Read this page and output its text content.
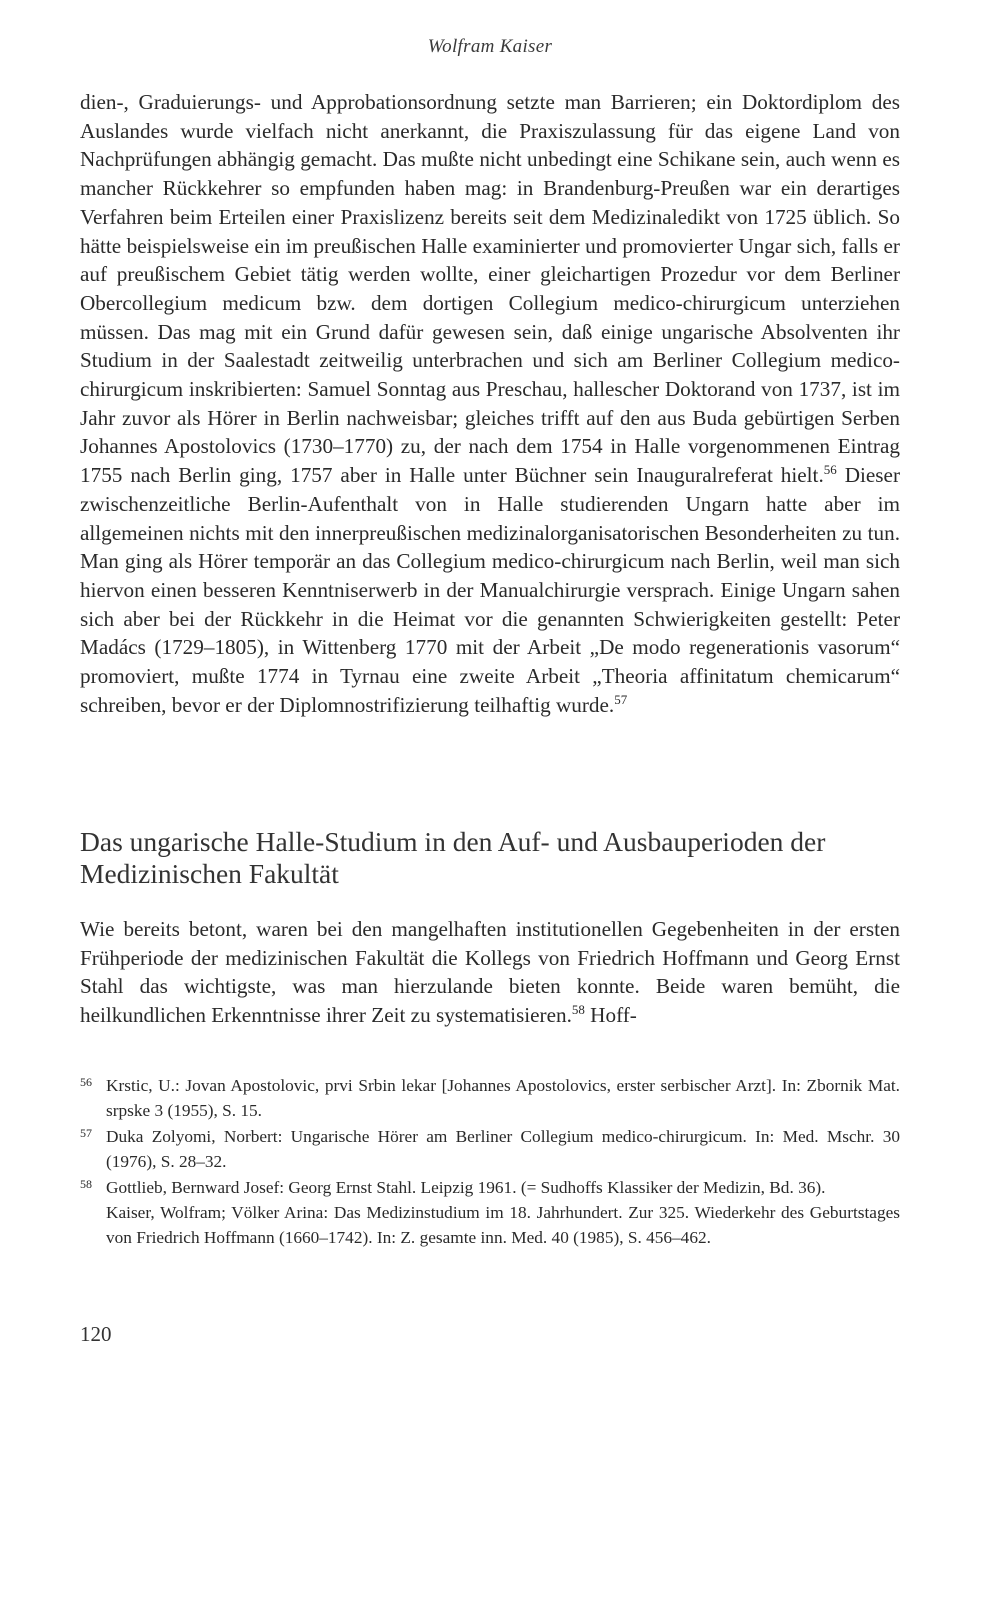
Wolfram Kaiser

dien-, Graduierungs- und Approbationsordnung setzte man Barrieren; ein Doktordiplom des Auslandes wurde vielfach nicht anerkannt, die Praxiszulassung für das eigene Land von Nachprüfungen abhängig gemacht. Das mußte nicht unbedingt eine Schikane sein, auch wenn es mancher Rückkehrer so empfunden haben mag: in Brandenburg-Preußen war ein derartiges Verfahren beim Erteilen einer Praxislizenz bereits seit dem Medizinaledikt von 1725 üblich. So hätte beispielsweise ein im preußischen Halle examinierter und promovierter Ungar sich, falls er auf preußischem Gebiet tätig werden wollte, einer gleichartigen Prozedur vor dem Berliner Obercollegium medicum bzw. dem dortigen Collegium medico-chirurgicum unterziehen müssen. Das mag mit ein Grund dafür gewesen sein, daß einige ungarische Absolventen ihr Studium in der Saalestadt zeitweilig unterbrachen und sich am Berliner Collegium medico-chirurgicum inskribierten: Samuel Sonntag aus Preschau, hallescher Doktorand von 1737, ist im Jahr zuvor als Hörer in Berlin nachweisbar; gleiches trifft auf den aus Buda gebürtigen Serben Johannes Apostolovics (1730–1770) zu, der nach dem 1754 in Halle vorgenommenen Eintrag 1755 nach Berlin ging, 1757 aber in Halle unter Büchner sein Inauguralreferat hielt.$^{56}$ Dieser zwischenzeitliche Berlin-Aufenthalt von in Halle studierenden Ungarn hatte aber im allgemeinen nichts mit den innerpreußischen medizinalorganisatorischen Besonderheiten zu tun. Man ging als Hörer temporär an das Collegium medico-chirurgicum nach Berlin, weil man sich hiervon einen besseren Kenntniserwerb in der Manualchirurgie versprach. Einige Ungarn sahen sich aber bei der Rückkehr in die Heimat vor die genannten Schwierigkeiten gestellt: Peter Madács (1729–1805), in Wittenberg 1770 mit der Arbeit „De modo regenerationis vasorum“ promoviert, mußte 1774 in Tyrnau eine zweite Arbeit „Theoria affinitatum chemicarum“ schreiben, bevor er der Diplomnostrifizierung teilhaftig wurde.$^{57}$

Das ungarische Halle-Studium in den Auf- und Ausbauperioden der Medizinischen Fakultät

Wie bereits betont, waren bei den mangelhaften institutionellen Gegebenheiten in der ersten Frühperiode der medizinischen Fakultät die Kollegs von Friedrich Hoffmann und Georg Ernst Stahl das wichtigste, was man hierzulande bieten konnte. Beide waren bemüht, die heilkundlichen Erkenntnisse ihrer Zeit zu systematisieren.$^{58}$ Hoff-

56 Krstic, U.: Jovan Apostolovic, prvi Srbin lekar [Johannes Apostolovics, erster serbischer Arzt]. In: Zbornik Mat. srpske 3 (1955), S. 15.
57 Duka Zolyomi, Norbert: Ungarische Hörer am Berliner Collegium medico-chirurgicum. In: Med. Mschr. 30 (1976), S. 28–32.
58 Gottlieb, Bernward Josef: Georg Ernst Stahl. Leipzig 1961. (= Sudhoffs Klassiker der Medizin, Bd. 36).
Kaiser, Wolfram; Völker Arina: Das Medizinstudium im 18. Jahrhundert. Zur 325. Wiederkehr des Geburtstages von Friedrich Hoffmann (1660–1742). In: Z. gesamte inn. Med. 40 (1985), S. 456–462.
120
